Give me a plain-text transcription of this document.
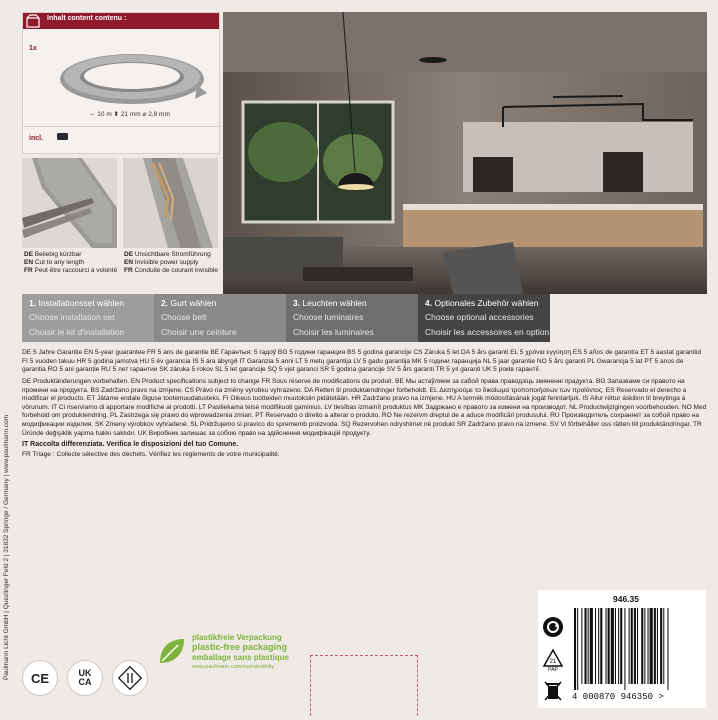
Inhalt content contenu :
1x
⇔ 10 m ⬍ 21 mm ⌀ 2,8 mm
incl.
DE Beliebig kürzbar
EN Cut to any length
FR Peut être raccourci à volonté
DE Unsichtbare Stromführung
EN Invisible power supply
FR Conduite de courant invisible
1. Installationsset wählen
Choose installation set
Choisir le kit d'installation
2. Gurt wählen
Choose belt
Choisir une ceinture
3. Leuchten wählen
Choose luminaires
Choisir les luminaires
4. Optionales Zubehör wählen
Choose optional accessories
Choisir les accessoires en option
DE 5 Jahre Garantie EN 5-year guarantee FR 5 ans de garantie BE Гарантыя: 5 гадоў BG 5 години гаранция BS 5 godina garancije CS Záruka 5 let DA 5 års garanti EL 5 χρόνια εγγύηση ES 5 años de garantía ET 5 aastat garantiid FI 5 vuoden takuu HR 5 godina jamstva HU 5 év garancia IS 5 ára ábyrgð IT Garanzia 5 anni LT 5 metų garantija LV 5 gadu garantija MK 5 години гаранција NL 5 jaar garantie NO 5 års garanti PL Gwarancja 5 lat PT 5 anos de garantia RO 5 ani garanție RU 5 лет гарантии SK záruka 5 rokov SL 5 let garancije SQ 5 vjet garanci SR 5 godina garancije SV 5 års garanti TR 5 yıl garanti UK 5 років гарантії
DE Produktänderungen vorbehalten. EN Product specifications subject to change FR Sous réserve de modifications du produit. BE Мы астаўляем за сабой права праводзіць змяненні прадукта. BG Запазваме си правото на промени на продукта. BS Zadržano pravo na izmjene. CS Právo na změny výrobku vyhrazeno. DA Retten til produktændringer forbeholdt. EL Διατηρούμε το δικαίωμα τροποποιήσεων των προϊόντος. ES Reservado el derecho a modificar el producto. ET Jätame endale õiguse tootemuudatusteks. FI Oikeus tuotteiden muutoksiin pidätetään. HR Zadržano pravo na izmjene. HU A termék módosításának jogát fenntartjuk. IS Allur réttur áskilinn til breytinga á vörunum. IT Ci riserviamo di apportare modifiche al prodotti. LT Pasiliekama teisė modifikuoti gaminius. LV tiesības izmainīt produktus MK Задржано е правото за измени на производот. NL Productwijzigingen voorbehouden. NO Med forbehold om produktendring. PL Zastrzega się prawo do wprowadzenia zmian. PT Reservado o direito a alterar o produto. RO Ne rezervm dreptul de a aduce modificări produsului. RU Производитель сохраняет за собой право на модификации изделия. SK Zmeny výrobkov vyhradené. SL Pridržujemo si pravico do sprememb proizvoda. SQ Rezervohen ndryshimet në produkt SR Zadržano pravo na izmene. SV Vi förbehåller oss rätten till produktändringar. TR Üründe değişiklik yapma hakkı saklıdır. UK Виробник залишає за собою право на здійснення модифікацій продукту.
IT Raccolta differenziata. Verifica le disposizioni del tuo Comune.
FR Triage : Collecte sélective des déchets. Vérifiez les règlements de votre municipalité.
Paulmann Licht GmbH | Quezlinger Feld 2 | 31832 Springe / Germany | www.paulmann.com	946.35
21
PAP
4 000870 946350 >
CE	UK
CA
plastikfreie Verpackung
plastic-free packaging
emballage sans plastique
www.paulmann.com/sustainability
